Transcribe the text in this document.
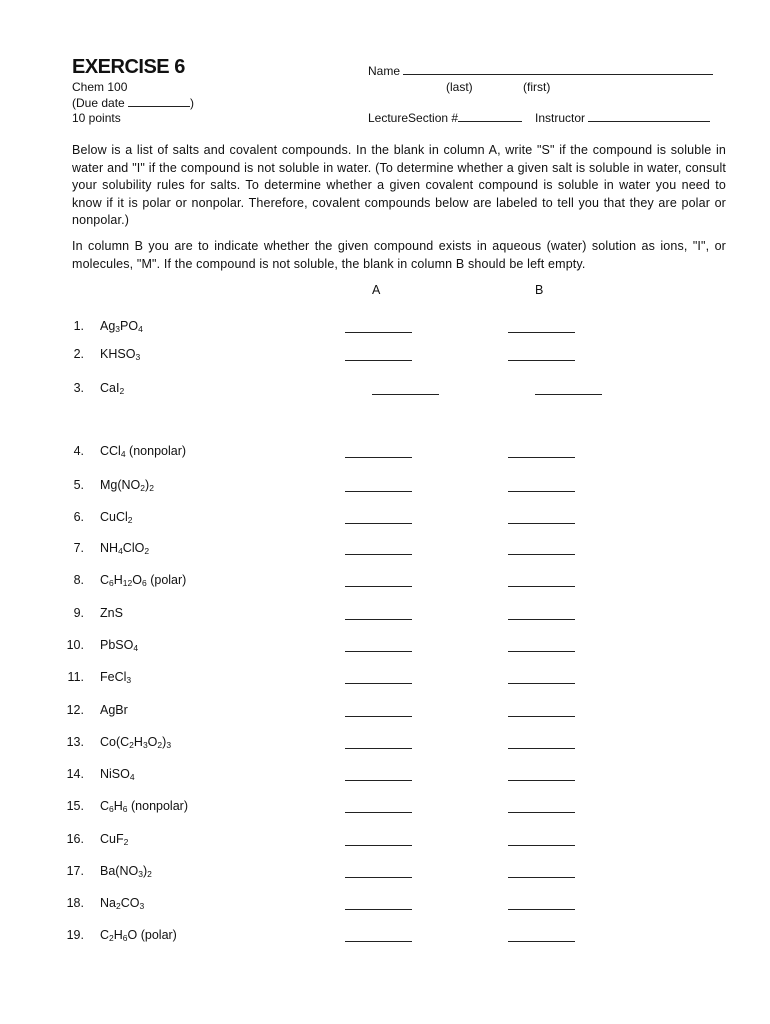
EXERCISE 6
Chem 100
(Due date	)
10 points
Name
(last)	(first)
LectureSection #	Instructor
Below is a list of salts and covalent compounds. In the blank in column A, write "S" if the compound is soluble in water and "I" if the compound is not soluble in water. (To determine whether a given salt is soluble in water, consult your solubility rules for salts. To determine whether a given covalent compound is soluble in water you need to know if it is polar or nonpolar. Therefore, covalent compounds below are labeled to tell you that they are polar or nonpolar.)
In column B you are to indicate whether the given compound exists in aqueous (water) solution as ions, "I", or molecules, "M". If the compound is not soluble, the blank in column B should be left empty.
A	B
1. $Ag_3PO_4$
2. $KHSO_3$
3. CaI$_2$
4. CCl$_4$ (nonpolar)
5. $Mg(NO_2)_2$
6. CuCl$_2$
7. $NH_4ClO_2$
8. $C_6H_{12}O_6$ (polar)
9. ZnS
10. PbSO$_4$
11. FeCl$_3$
12. AgBr
13. $Co(C_2H_3O_2)_3$
14. NiSO$_4$
15. $C_6H_6$ (nonpolar)
16. CuF$_2$
17. $Ba(NO_3)_2$
18. $Na_2CO_3$
19. $C_2H_6O$ (polar)
